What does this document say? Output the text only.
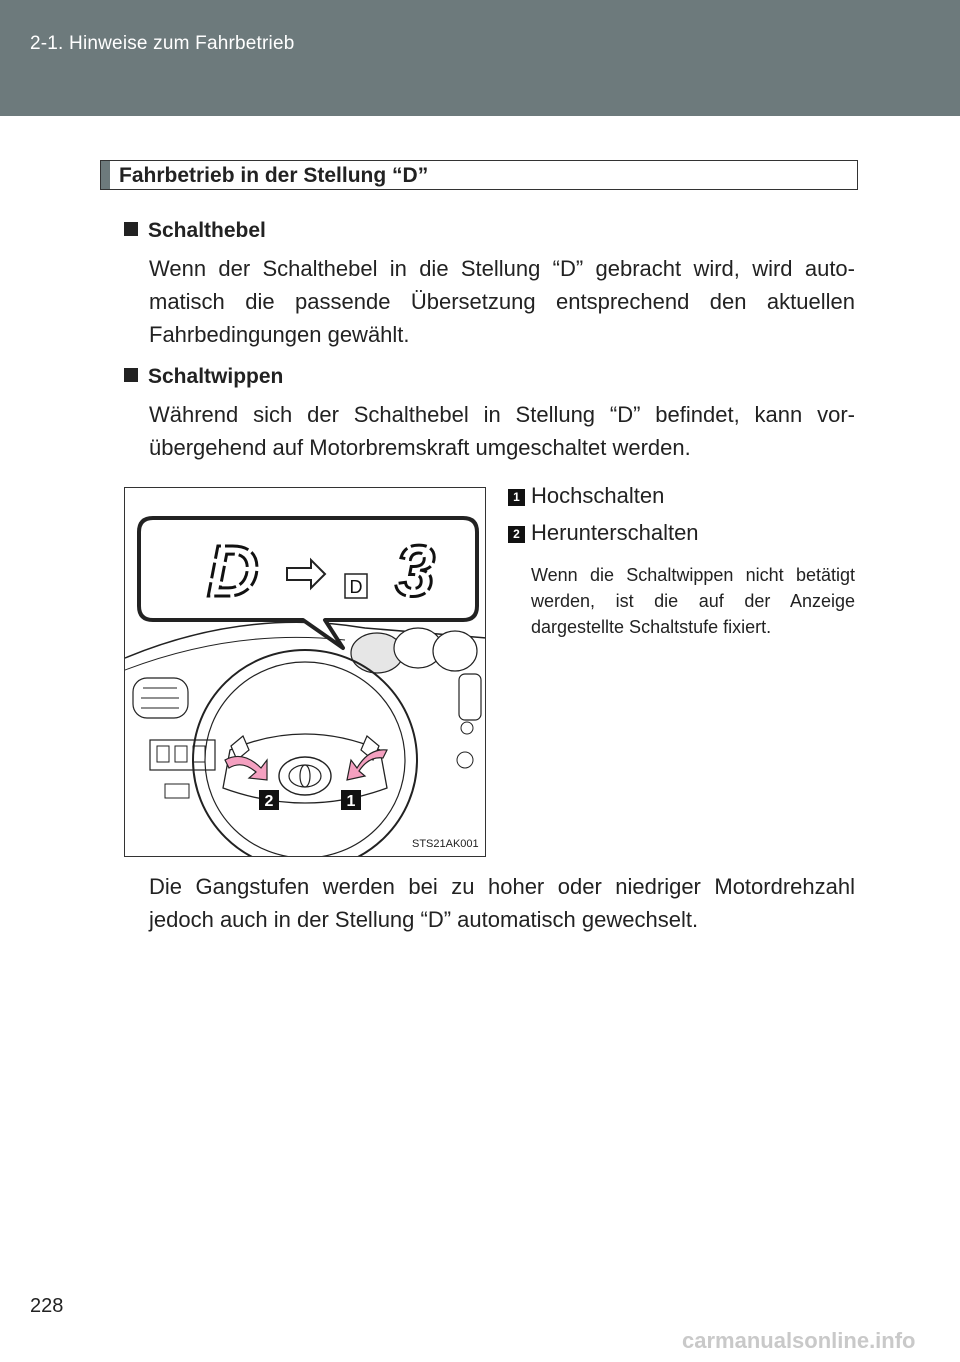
2-1. Hinweise zum Fahrbetrieb
Fahrbetrieb in der Stellung “D”
Schalthebel
Wenn der Schalthebel in die Stellung “D” gebracht wird, wird auto-matisch die passende Übersetzung entsprechend den aktuellen Fahrbedingungen gewählt.
Schaltwippen
Während sich der Schalthebel in Stellung “D” befindet, kann vor-übergehend auf Motorbremskraft umgeschaltet werden.
2	1
D	D 3
STS21AK001
1 Hochschalten
2 Herunterschalten
Wenn die Schaltwippen nicht betätigt werden, ist die auf der Anzeige dargestellte Schaltstufe fixiert.
Die Gangstufen werden bei zu hoher oder niedriger Motordrehzahl jedoch auch in der Stellung “D” automatisch gewechselt.
228
carmanualsonline.info
